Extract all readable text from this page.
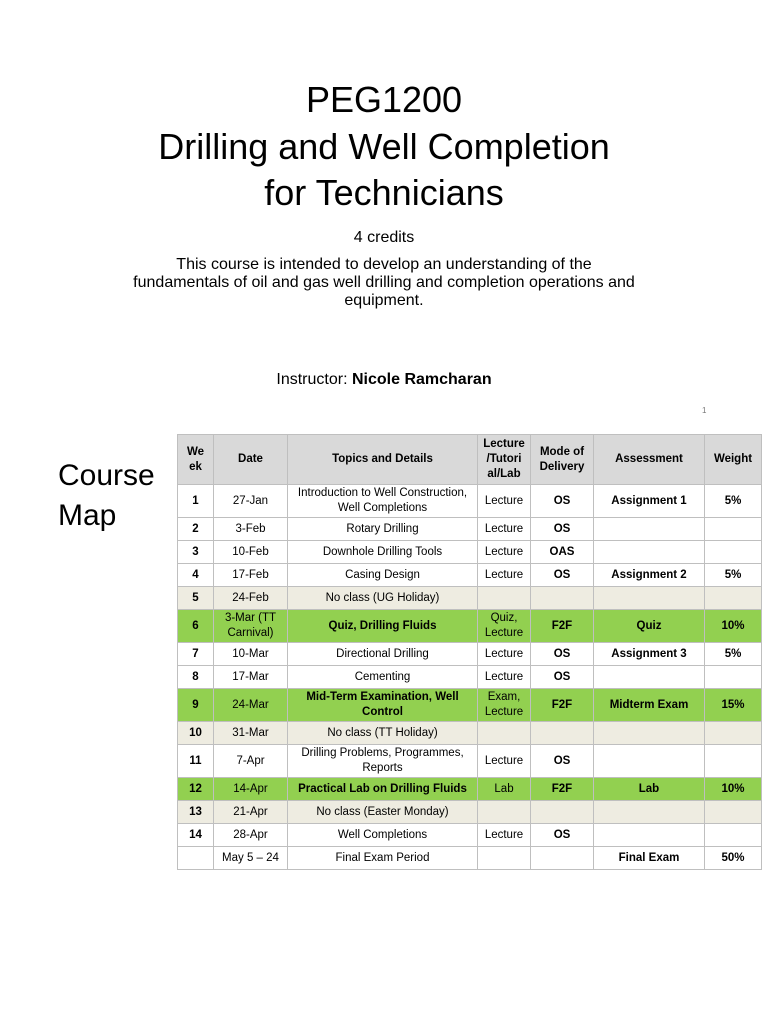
PEG1200
Drilling and Well Completion
for Technicians
4 credits
This course is intended to develop an understanding of the
fundamentals of oil and gas well drilling and completion operations and
equipment.
Instructor: Nicole Ramcharan
1
Course
Map
We ek	Date	Topics and Details	Lecture /Tutori al/Lab	Mode of Delivery	Assessment	Weight
1	27-Jan	Introduction to Well Construction, Well Completions	Lecture	OS	Assignment 1	5%
2	3-Feb	Rotary Drilling	Lecture	OS		
3	10-Feb	Downhole Drilling Tools	Lecture	OAS		
4	17-Feb	Casing Design	Lecture	OS	Assignment 2	5%
5	24-Feb	No class (UG Holiday)				
6	3-Mar (TT Carnival)	Quiz, Drilling Fluids	Quiz, Lecture	F2F	Quiz	10%
7	10-Mar	Directional Drilling	Lecture	OS	Assignment 3	5%
8	17-Mar	Cementing	Lecture	OS		
9	24-Mar	Mid-Term Examination, Well Control	Exam, Lecture	F2F	Midterm Exam	15%
10	31-Mar	No class (TT Holiday)				
11	7-Apr	Drilling Problems, Programmes, Reports	Lecture	OS		
12	14-Apr	Practical Lab on Drilling Fluids	Lab	F2F	Lab	10%
13	21-Apr	No class (Easter Monday)				
14	28-Apr	Well Completions	Lecture	OS		
	May 5 – 24	Final Exam Period			Final Exam	50%
